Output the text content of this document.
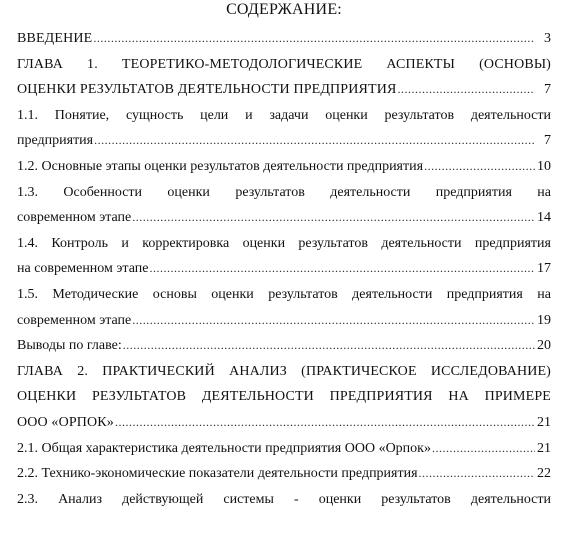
СОДЕРЖАНИЕ:
ВВЕДЕНИЕ .....	3
ГЛАВА 1. ТЕОРЕТИКО-МЕТОДОЛОГИЧЕСКИЕ АСПЕКТЫ (ОСНОВЫ)
ОЦЕНКИ РЕЗУЛЬТАТОВ ДЕЯТЕЛЬНОСТИ ПРЕДПРИЯТИЯ .....	7
1.1. Понятие, сущность цели и задачи оценки результатов деятельности
предприятия .....	7
1.2. Основные этапы оценки результатов деятельности предприятия .....	10
1.3. Особенности оценки результатов деятельности предприятия на
современном этапе .....	14
1.4. Контроль и корректировка оценки результатов деятельности предприятия
на современном этапе .....	17
1.5. Методические основы оценки результатов деятельности предприятия на
современном этапе .....	19
Выводы по главе: .....	20
ГЛАВА 2. ПРАКТИЧЕСКИЙ АНАЛИЗ (ПРАКТИЧЕСКОЕ ИССЛЕДОВАНИЕ)
ОЦЕНКИ РЕЗУЛЬТАТОВ ДЕЯТЕЛЬНОСТИ ПРЕДПРИЯТИЯ НА ПРИМЕРЕ
ООО «ОРПОК» .....	21
2.1. Общая характеристика деятельности предприятия ООО «Орпок» .....	21
2.2. Технико-экономические показатели деятельности предприятия .....	22
2.3. Анализ действующей системы - оценки результатов деятельности
